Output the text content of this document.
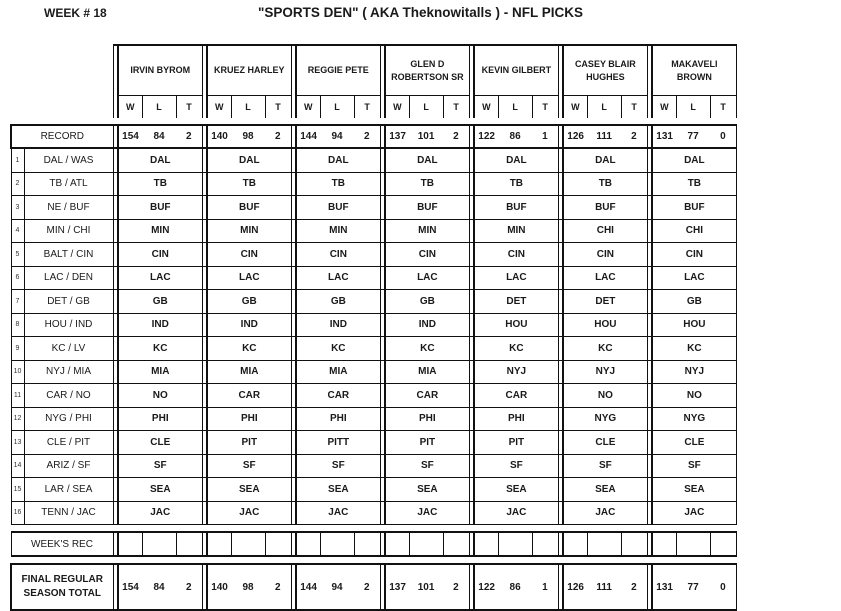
WEEK # 18	"SPORTS DEN" ( AKA Theknowitalls ) - NFL PICKS
			IRVIN BYROM				KRUEZ HARLEY				REGGIE PETE				GLEN D ROBERTSON SR				KEVIN GILBERT				CASEY BLAIR HUGHES				MAKAVELI BROWN		
			W	L	T		W	L	T		W	L	T		W	L	T		W	L	T		W	L	T		W	L	T

RECORD			154	84	2		140	98	2		144	94	2		137	101	2		122	86	1		126	111	2		131	77	0
1	DAL / WAS		DAL				DAL				DAL				DAL				DAL				DAL				DAL		
2	TB / ATL		TB				TB				TB				TB				TB				TB				TB		
3	NE / BUF		BUF				BUF				BUF				BUF				BUF				BUF				BUF		
4	MIN / CHI		MIN				MIN				MIN				MIN				MIN				CHI				CHI		
5	BALT / CIN		CIN				CIN				CIN				CIN				CIN				CIN				CIN		
6	LAC / DEN		LAC				LAC				LAC				LAC				LAC				LAC				LAC		
7	DET / GB		GB				GB				GB				GB				DET				DET				GB		
8	HOU / IND		IND				IND				IND				IND				HOU				HOU				HOU		
9	KC / LV		KC				KC				KC				KC				KC				KC				KC		
10	NYJ / MIA		MIA				MIA				MIA				MIA				NYJ				NYJ				NYJ		
11	CAR / NO		NO				CAR				CAR				CAR				CAR				NO				NO		
12	NYG / PHI		PHI				PHI				PHI				PHI				PHI				NYG				NYG		
13	CLE / PIT		CLE				PIT				PITT				PIT				PIT				CLE				CLE		
14	ARIZ / SF		SF				SF				SF				SF				SF				SF				SF		
15	LAR / SEA		SEA				SEA				SEA				SEA				SEA				SEA				SEA		
16	TENN / JAC		JAC				JAC				JAC				JAC				JAC				JAC				JAC		

WEEK'S REC																													

FINAL REGULAR SEASON TOTAL			154	84	2		140	98	2		144	94	2		137	101	2		122	86	1		126	111	2		131	77	0
